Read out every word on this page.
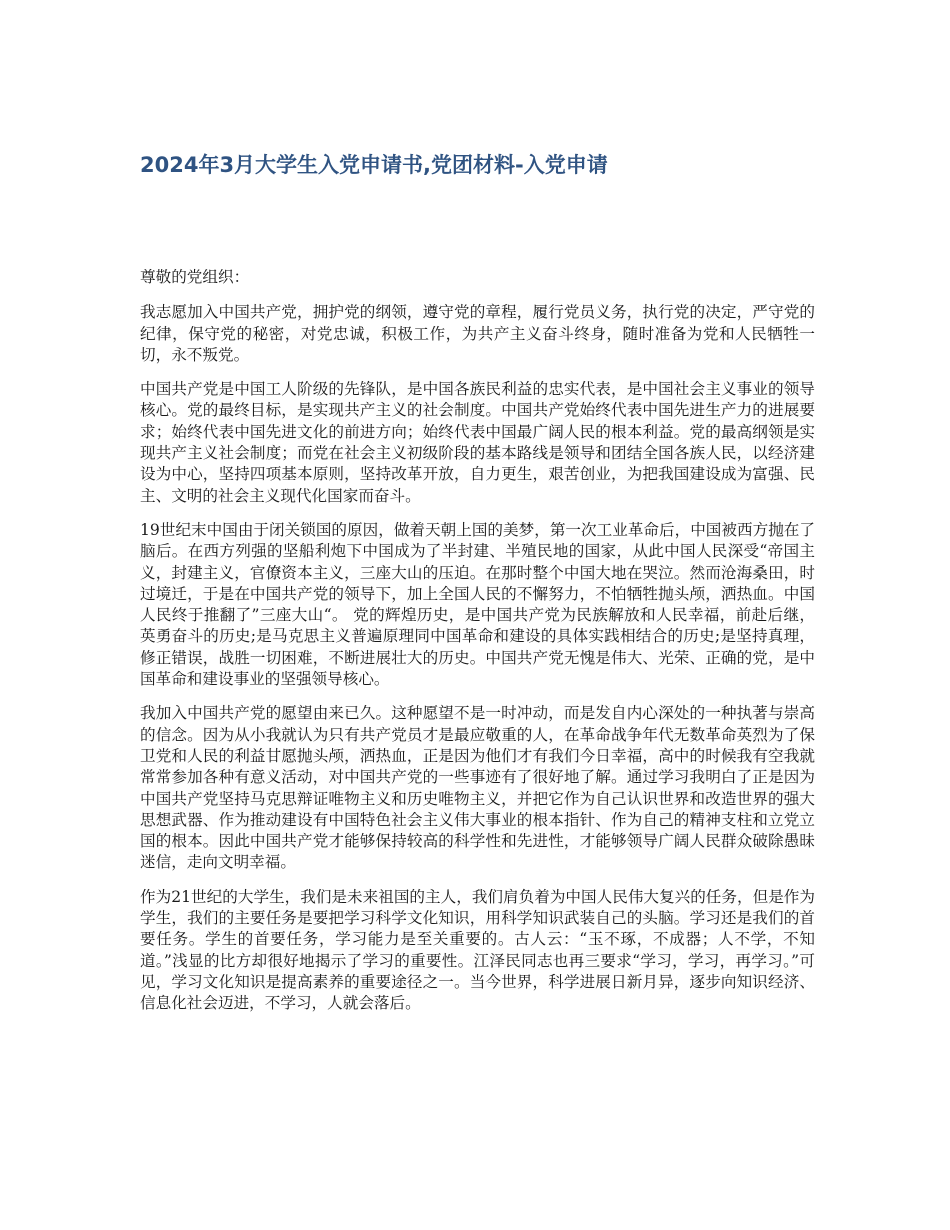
2024年3月大学生入党申请书,党团材料-入党申请

尊敬的党组织：

我志愿加入中国共产党，拥护党的纲领，遵守党的章程，履行党员义务，执行党的决定，严守党的纪律，保守党的秘密，对党忠诚，积极工作，为共产主义奋斗终身，随时准备为党和人民牺牲一切，永不叛党。

中国共产党是中国工人阶级的先锋队，是中国各族民利益的忠实代表，是中国社会主义事业的领导核心。党的最终目标，是实现共产主义的社会制度。中国共产党始终代表中国先进生产力的进展要求；始终代表中国先进文化的前进方向；始终代表中国最广阔人民的根本利益。党的最高纲领是实现共产主义社会制度；而党在社会主义初级阶段的基本路线是领导和团结全国各族人民，以经济建设为中心，坚持四项基本原则，坚持改革开放，自力更生，艰苦创业，为把我国建设成为富强、民主、文明的社会主义现代化国家而奋斗。

19世纪末中国由于闭关锁国的原因，做着天朝上国的美梦，第一次工业革命后，中国被西方抛在了脑后。在西方列强的坚船利炮下中国成为了半封建、半殖民地的国家，从此中国人民深受“帝国主义，封建主义，官僚资本主义，三座大山的压迫。在那时整个中国大地在哭泣。然而沧海桑田，时过境迁，于是在中国共产党的领导下，加上全国人民的不懈努力，不怕牺牲抛头颅，洒热血。中国人民终于推翻了”三座大山“。 党的辉煌历史，是中国共产党为民族解放和人民幸福，前赴后继，英勇奋斗的历史;是马克思主义普遍原理同中国革命和建设的具体实践相结合的历史;是坚持真理，修正错误，战胜一切困难，不断进展壮大的历史。中国共产党无愧是伟大、光荣、正确的党，是中国革命和建设事业的坚强领导核心。

我加入中国共产党的愿望由来已久。这种愿望不是一时冲动，而是发自内心深处的一种执著与崇高的信念。因为从小我就认为只有共产党员才是最应敬重的人，在革命战争年代无数革命英烈为了保卫党和人民的利益甘愿抛头颅，洒热血，正是因为他们才有我们今日幸福，高中的时候我有空我就常常参加各种有意义活动，对中国共产党的一些事迹有了很好地了解。通过学习我明白了正是因为中国共产党坚持马克思辩证唯物主义和历史唯物主义，并把它作为自己认识世界和改造世界的强大思想武器、作为推动建设有中国特色社会主义伟大事业的根本指针、作为自己的精神支柱和立党立国的根本。因此中国共产党才能够保持较高的科学性和先进性，才能够领导广阔人民群众破除愚昧迷信，走向文明幸福。

作为21世纪的大学生，我们是未来祖国的主人，我们肩负着为中国人民伟大复兴的任务，但是作为学生，我们的主要任务是要把学习科学文化知识，用科学知识武装自己的头脑。学习还是我们的首要任务。学生的首要任务，学习能力是至关重要的。古人云：“玉不琢，不成器；人不学，不知道。”浅显的比方却很好地揭示了学习的重要性。江泽民同志也再三要求“学习，学习，再学习。”可见，学习文化知识是提高素养的重要途径之一。当今世界，科学进展日新月异，逐步向知识经济、信息化社会迈进，不学习，人就会落后。
